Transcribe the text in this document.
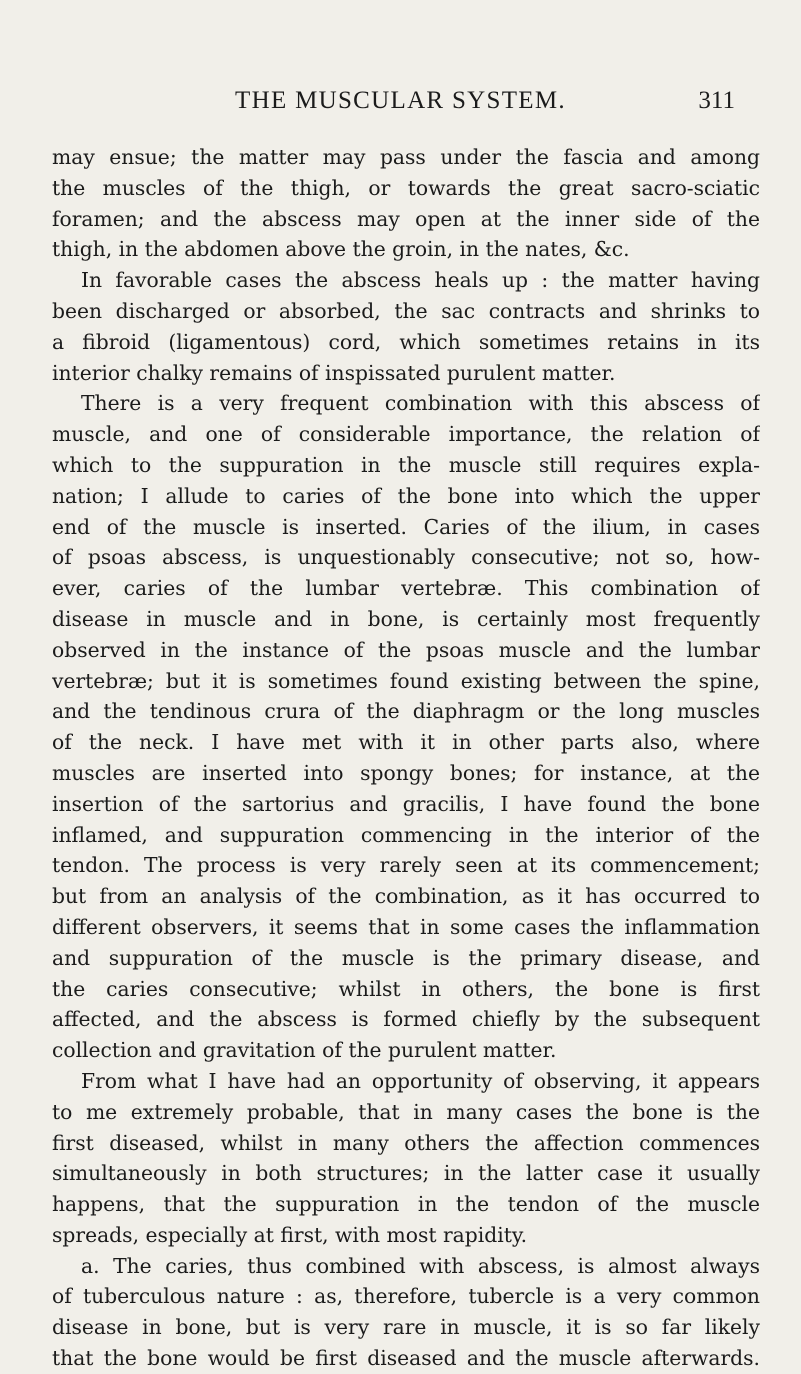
THE MUSCULAR SYSTEM.	311
may ensue; the matter may pass under the fascia and among
the muscles of the thigh, or towards the great sacro-sciatic
foramen; and the abscess may open at the inner side of the
thigh, in the abdomen above the groin, in the nates, &c.
In favorable cases the abscess heals up : the matter having
been discharged or absorbed, the sac contracts and shrinks to
a fibroid (ligamentous) cord, which sometimes retains in its
interior chalky remains of inspissated purulent matter.
There is a very frequent combination with this abscess of
muscle, and one of considerable importance, the relation of
which to the suppuration in the muscle still requires expla-
nation; I allude to caries of the bone into which the upper
end of the muscle is inserted. Caries of the ilium, in cases
of psoas abscess, is unquestionably consecutive; not so, how-
ever, caries of the lumbar vertebræ. This combination of
disease in muscle and in bone, is certainly most frequently
observed in the instance of the psoas muscle and the lumbar
vertebræ; but it is sometimes found existing between the spine,
and the tendinous crura of the diaphragm or the long muscles
of the neck. I have met with it in other parts also, where
muscles are inserted into spongy bones; for instance, at the
insertion of the sartorius and gracilis, I have found the bone
inflamed, and suppuration commencing in the interior of the
tendon. The process is very rarely seen at its commencement;
but from an analysis of the combination, as it has occurred to
different observers, it seems that in some cases the inflammation
and suppuration of the muscle is the primary disease, and
the caries consecutive; whilst in others, the bone is first
affected, and the abscess is formed chiefly by the subsequent
collection and gravitation of the purulent matter.
From what I have had an opportunity of observing, it appears
to me extremely probable, that in many cases the bone is the
first diseased, whilst in many others the affection commences
simultaneously in both structures; in the latter case it usually
happens, that the suppuration in the tendon of the muscle
spreads, especially at first, with most rapidity.
a. The caries, thus combined with abscess, is almost always
of tuberculous nature : as, therefore, tubercle is a very common
disease in bone, but is very rare in muscle, it is so far likely
that the bone would be first diseased and the muscle afterwards.
